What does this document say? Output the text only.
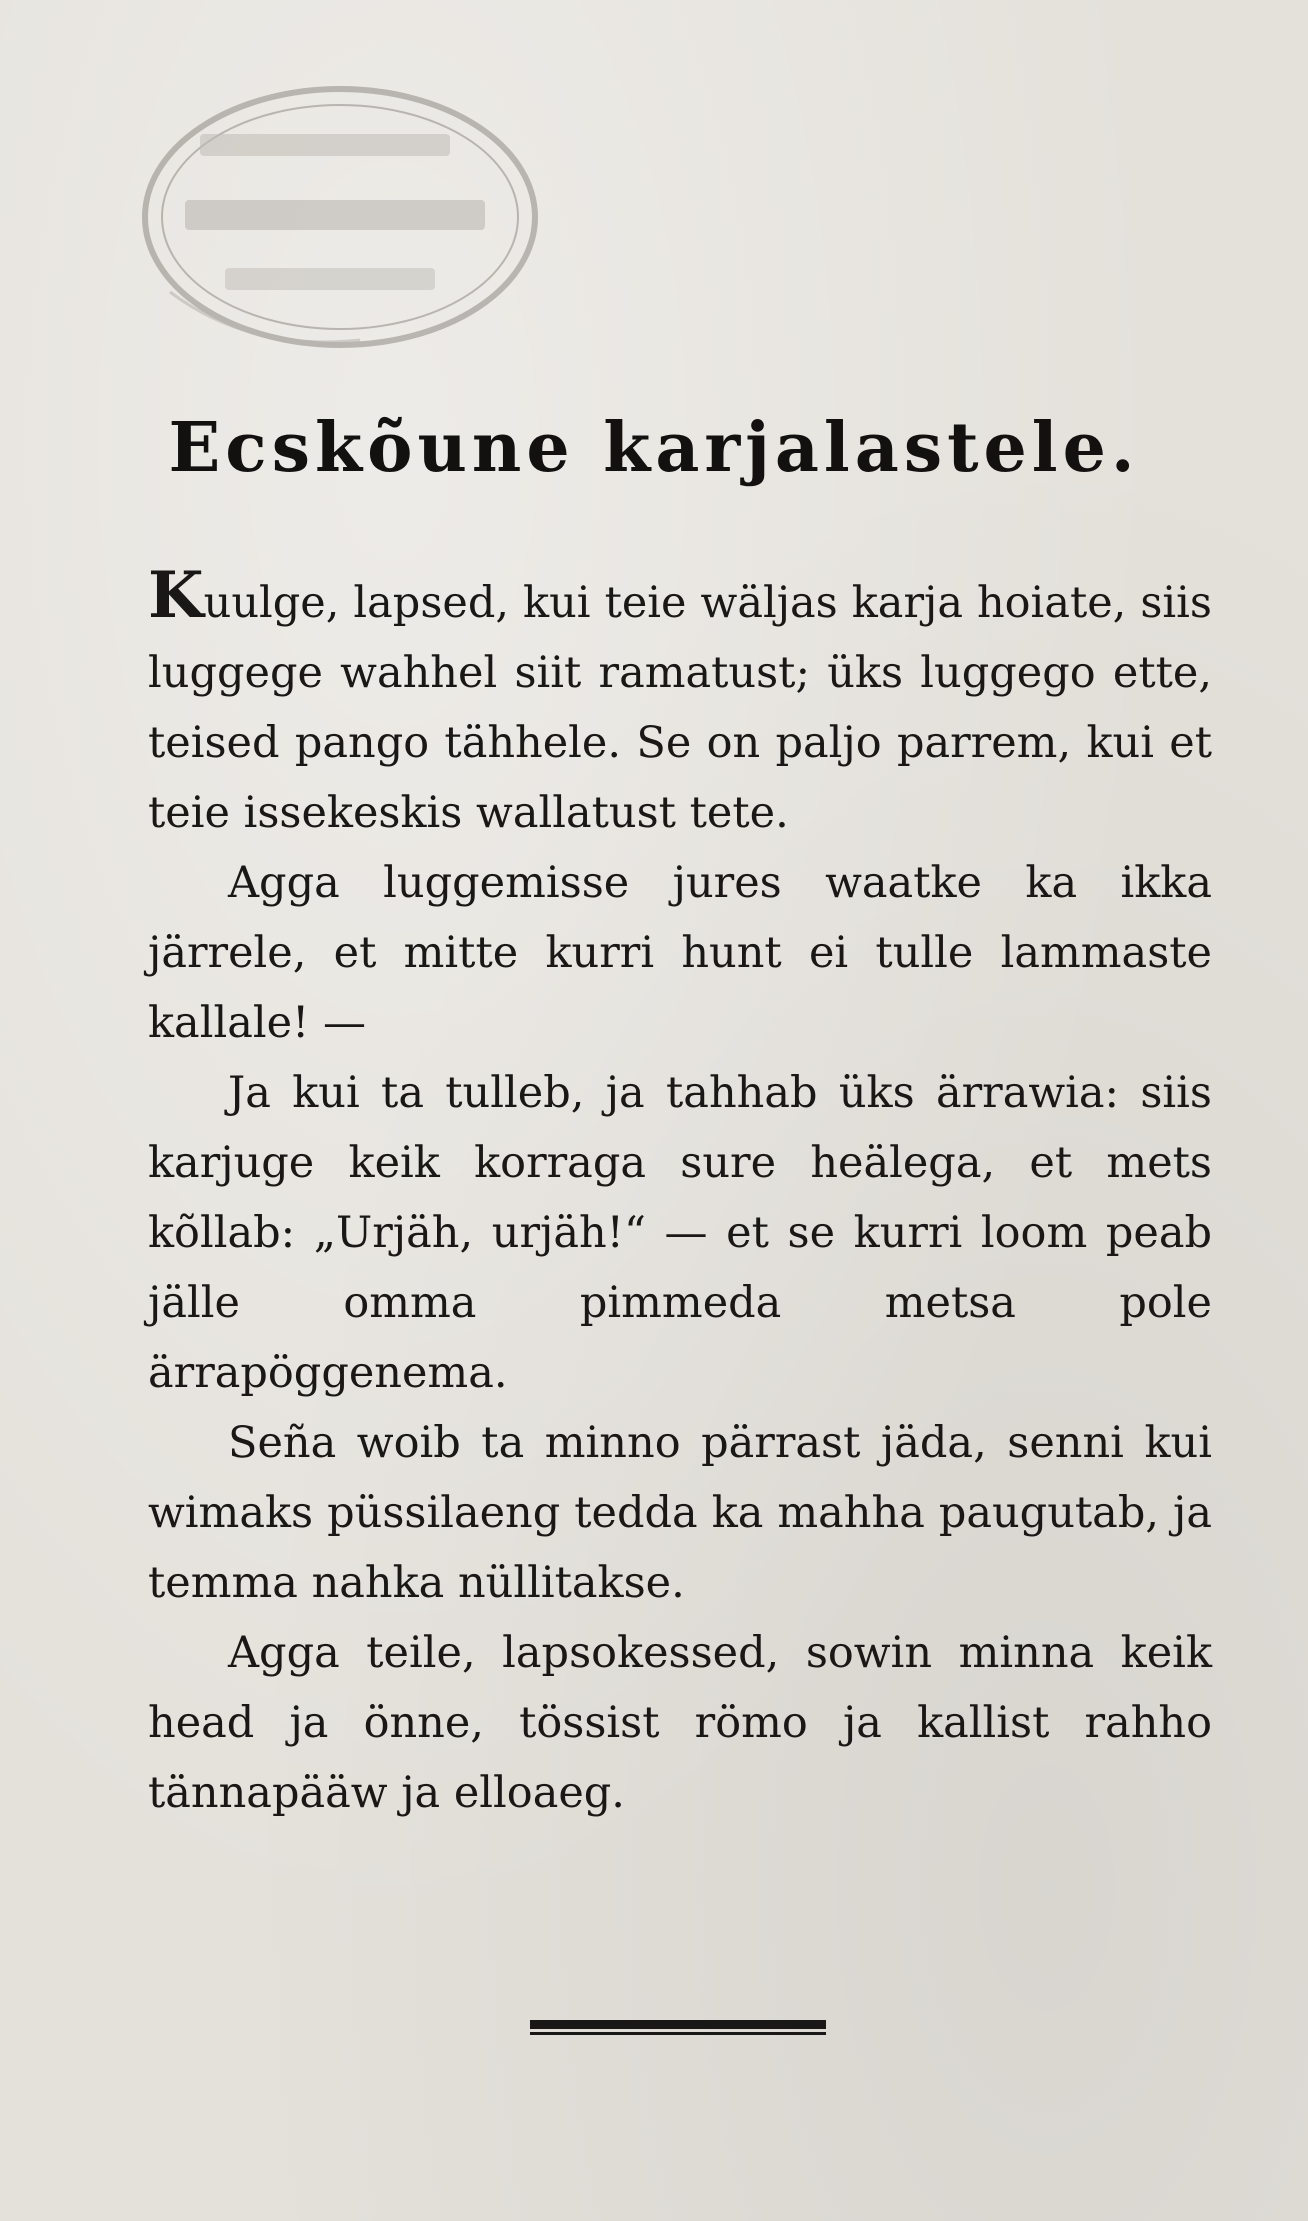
Ecskõune karjalastele.

Kuulge, lapsed, kui teie wäljas karja hoiate, siis luggege wahhel siit ramatust; üks luggego ette, teised pango tähhele. Se on paljo parrem, kui et teie issekeskis wallatust tete.

Agga luggemisse jures waatke ka ikka järrele, et mitte kurri hunt ei tulle lammaste kallale! —

Ja kui ta tulleb, ja tahhab üks ärrawia: siis karjuge keik korraga sure heälega, et mets kõllab: „Urjäh, urjäh!“ — et se kurri loom peab jälle omma pimmeda metsa pole ärrapöggenema.

Seña woib ta minno pärrast jäda, senni kui wimaks püssilaeng tedda ka mahha paugutab, ja temma nahka nüllitakse.

Agga teile, lapsokessed, sowin minna keik head ja önne, tössist römo ja kallist rahho tännapääw ja elloaeg.
